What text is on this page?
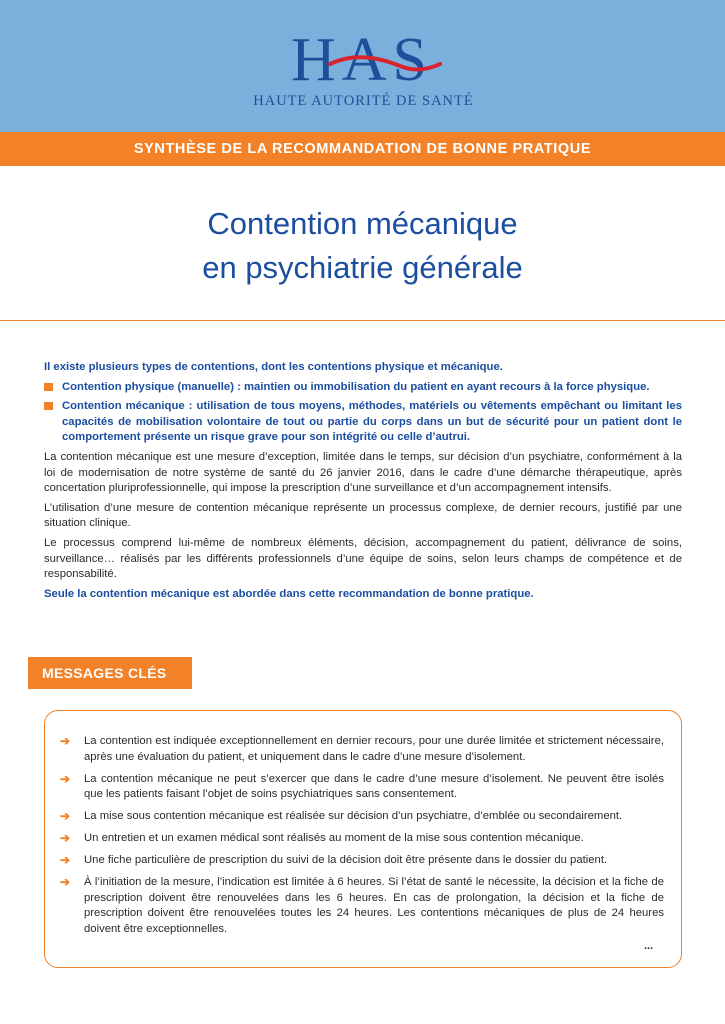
HAS
HAUTE AUTORITÉ DE SANTÉ
SYNTHÈSE DE LA RECOMMANDATION DE BONNE PRATIQUE
Contention mécanique
en psychiatrie générale

Il existe plusieurs types de contentions, dont les contentions physique et mécanique.

Contention physique (manuelle) : maintien ou immobilisation du patient en ayant recours à la force physique.
Contention mécanique : utilisation de tous moyens, méthodes, matériels ou vêtements empêchant ou limitant les capacités de mobilisation volontaire de tout ou partie du corps dans un but de sécurité pour un patient dont le comportement présente un risque grave pour son intégrité ou celle d’autrui.

La contention mécanique est une mesure d’exception, limitée dans le temps, sur décision d’un psychiatre, conformément à la loi de modernisation de notre système de santé du 26 janvier 2016, dans le cadre d’une démarche thérapeutique, après concertation pluriprofessionnelle, qui impose la prescription d’une surveillance et d’un accompagnement intensifs.

L’utilisation d’une mesure de contention mécanique représente un processus complexe, de dernier recours, justifié par une situation clinique.

Le processus comprend lui-même de nombreux éléments, décision, accompagnement du patient, délivrance de soins, surveillance… réalisés par les différents professionnels d’une équipe de soins, selon leurs champs de compétence et de responsabilité.

Seule la contention mécanique est abordée dans cette recommandation de bonne pratique.

MESSAGES CLÉS
➔	La contention est indiquée exceptionnellement en dernier recours, pour une durée limitée et strictement nécessaire, après une évaluation du patient, et uniquement dans le cadre d’une mesure d’isolement.
➔	La contention mécanique ne peut s’exercer que dans le cadre d’une mesure d’isolement. Ne peuvent être isolés que les patients faisant l’objet de soins psychiatriques sans consentement.
➔	La mise sous contention mécanique est réalisée sur décision d’un psychiatre, d’emblée ou secondairement.
➔	Un entretien et un examen médical sont réalisés au moment de la mise sous contention mécanique.
➔	Une fiche particulière de prescription du suivi de la décision doit être présente dans le dossier du patient.
➔	À l’initiation de la mesure, l’indication est limitée à 6 heures. Si l’état de santé le nécessite, la décision et la fiche de prescription doivent être renouvelées dans les 6 heures. En cas de prolongation, la décision et la fiche de prescription doivent être renouvelées toutes les 24 heures. Les contentions mécaniques de plus de 24 heures doivent être exceptionnelles.
...
